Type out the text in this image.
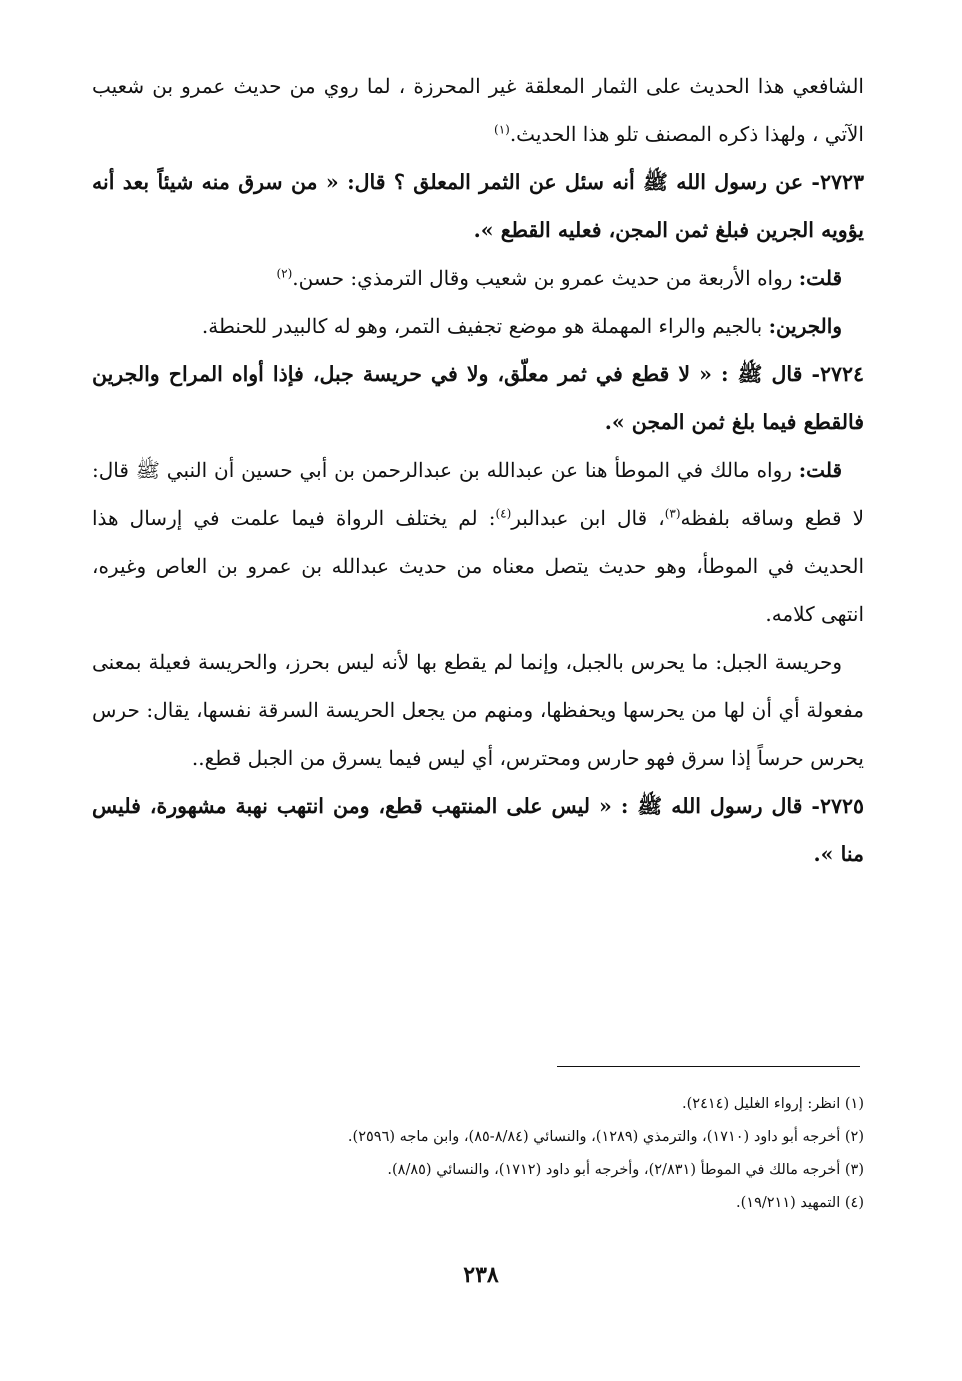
الشافعي هذا الحديث على الثمار المعلقة غير المحرزة ، لما روي من حديث عمرو بن شعيب الآتي ، ولهذا ذكره المصنف تلو هذا الحديث.$^{(١)}$

٢٧٢٣- عن رسول الله ﷺ أنه سئل عن الثمر المعلق ؟ قال: « من سرق منه شيئاً بعد أنه يؤويه الجرين فبلغ ثمن المجن، فعليه القطع ».

قلت: رواه الأربعة من حديث عمرو بن شعيب وقال الترمذي: حسن.$^{(٢)}$

والجرين: بالجيم والراء المهملة هو موضع تجفيف التمر، وهو له كالبيدر للحنطة.

٢٧٢٤- قال ﷺ : « لا قطع في ثمر معلّق، ولا في حريسة جبل، فإذا أواه المراح والجرين فالقطع فيما بلغ ثمن المجن ».

قلت: رواه مالك في الموطأ هنا عن عبدالله بن عبدالرحمن بن أبي حسين أن النبي ﷺ قال: لا قطع وساقه بلفظه$^{(٣)}$، قال ابن عبدالبر$^{(٤)}$: لم يختلف الرواة فيما علمت في إرسال هذا الحديث في الموطأ، وهو حديث يتصل معناه من حديث عبدالله بن عمرو بن العاص وغيره، انتهى كلامه.

وحريسة الجبل: ما يحرس بالجبل، وإنما لم يقطع بها لأنه ليس بحرز، والحريسة فعيلة بمعنى مفعولة أي أن لها من يحرسها ويحفظها، ومنهم من يجعل الحريسة السرقة نفسها، يقال: حرس يحرس حرساً إذا سرق فهو حارس ومحترس، أي ليس فيما يسرق من الجبل قطع..

٢٧٢٥- قال رسول الله ﷺ : « ليس على المنتهب قطع، ومن انتهب نهبة مشهورة، فليس منا ».

(١) انظر: إرواء الغليل (٢٤١٤).

(٢) أخرجه أبو داود (١٧١٠)، والترمذي (١٢٨٩)، والنسائي (٨/٨٤-٨٥)، وابن ماجه (٢٥٩٦).

(٣) أخرجه مالك في الموطأ (٢/٨٣١)، وأخرجه أبو داود (١٧١٢)، والنسائي (٨/٨٥).

(٤) التمهيد (١٩/٢١١).

٢٣٨
